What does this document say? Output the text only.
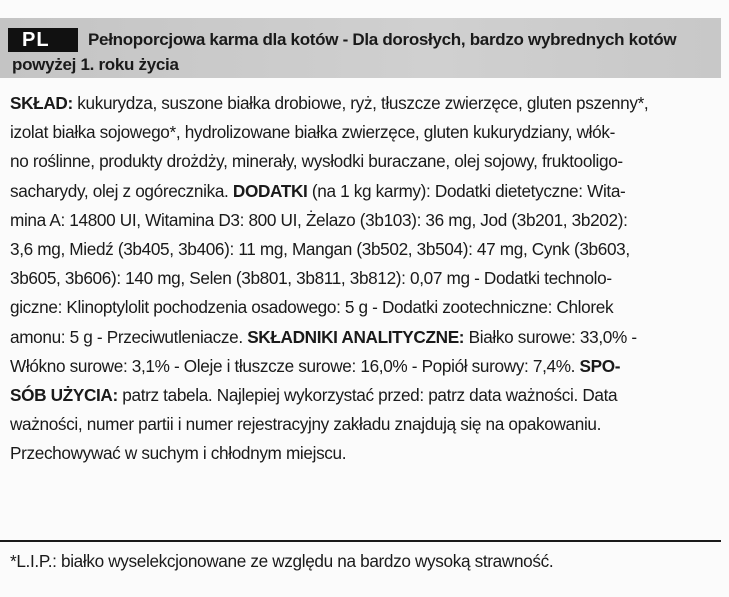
PL	Pełnoporcjowa karma dla kotów - Dla dorosłych, bardzo wybrednych kotów
powyżej 1. roku życia
SKŁAD: kukurydza, suszone białka drobiowe, ryż, tłuszcze zwierzęce, gluten pszenny*,
izolat białka sojowego*, hydrolizowane białka zwierzęce, gluten kukurydziany, włók-
no roślinne, produkty drożdży, minerały, wysłodki buraczane, olej sojowy, fruktooligo-
sacharydy, olej z ogórecznika. DODATKI (na 1 kg karmy): Dodatki dietetyczne: Wita-
mina A: 14800 UI, Witamina D3: 800 UI, Żelazo (3b103): 36 mg, Jod (3b201, 3b202):
3,6 mg, Miedź (3b405, 3b406): 11 mg, Mangan (3b502, 3b504): 47 mg, Cynk (3b603,
3b605, 3b606): 140 mg, Selen (3b801, 3b811, 3b812): 0,07 mg - Dodatki technolo-
giczne: Klinoptylolit pochodzenia osadowego: 5 g - Dodatki zootechniczne: Chlorek
amonu: 5 g - Przeciwutleniacze. SKŁADNIKI ANALITYCZNE: Białko surowe: 33,0% -
Włókno surowe: 3,1% - Oleje i tłuszcze surowe: 16,0% - Popiół surowy: 7,4%. SPO-
SÓB UŻYCIA: patrz tabela. Najlepiej wykorzystać przed: patrz data ważności. Data
ważności, numer partii i numer rejestracyjny zakładu znajdują się na opakowaniu.
Przechowywać w suchym i chłodnym miejscu.
*L.I.P.: białko wyselekcjonowane ze względu na bardzo wysoką strawność.
